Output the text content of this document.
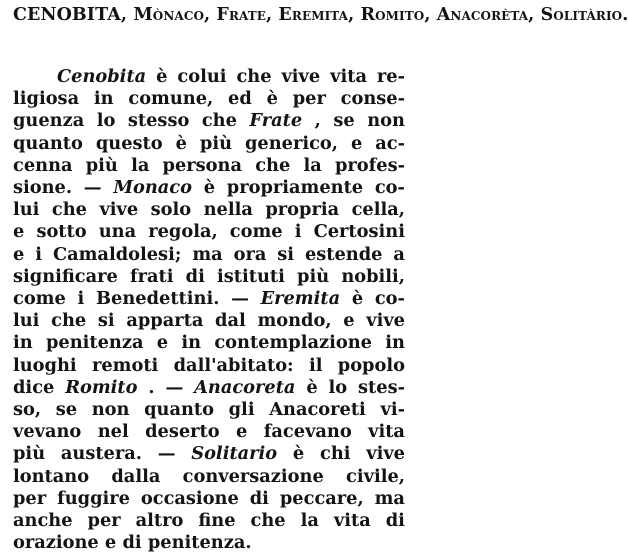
CENOBITA, Mònaco, Frate, Eremita, Romito, Anacorèta, Solitàrio.
Cenobita è colui che vive vita re-
ligiosa in comune, ed è per conse-
guenza lo stesso che Frate , se non
quanto questo è più generico, e ac-
cenna più la persona che la profes-
sione. — Monaco è propriamente co-
lui che vive solo nella propria cella,
e sotto una regola, come i Certosini
e i Camaldolesi; ma ora si estende a
significare frati di istituti più nobili,
come i Benedettini. — Eremita è co-
lui che si apparta dal mondo, e vive
in penitenza e in contemplazione in
luoghi remoti dall'abitato: il popolo
dice Romito . — Anacoreta è lo stes-
so, se non quanto gli Anacoreti vi-
vevano nel deserto e facevano vita
più austera. — Solitario è chi vive
lontano dalla conversazione civile,
per fuggire occasione di peccare, ma
anche per altro fine che la vita di
orazione e di penitenza.
